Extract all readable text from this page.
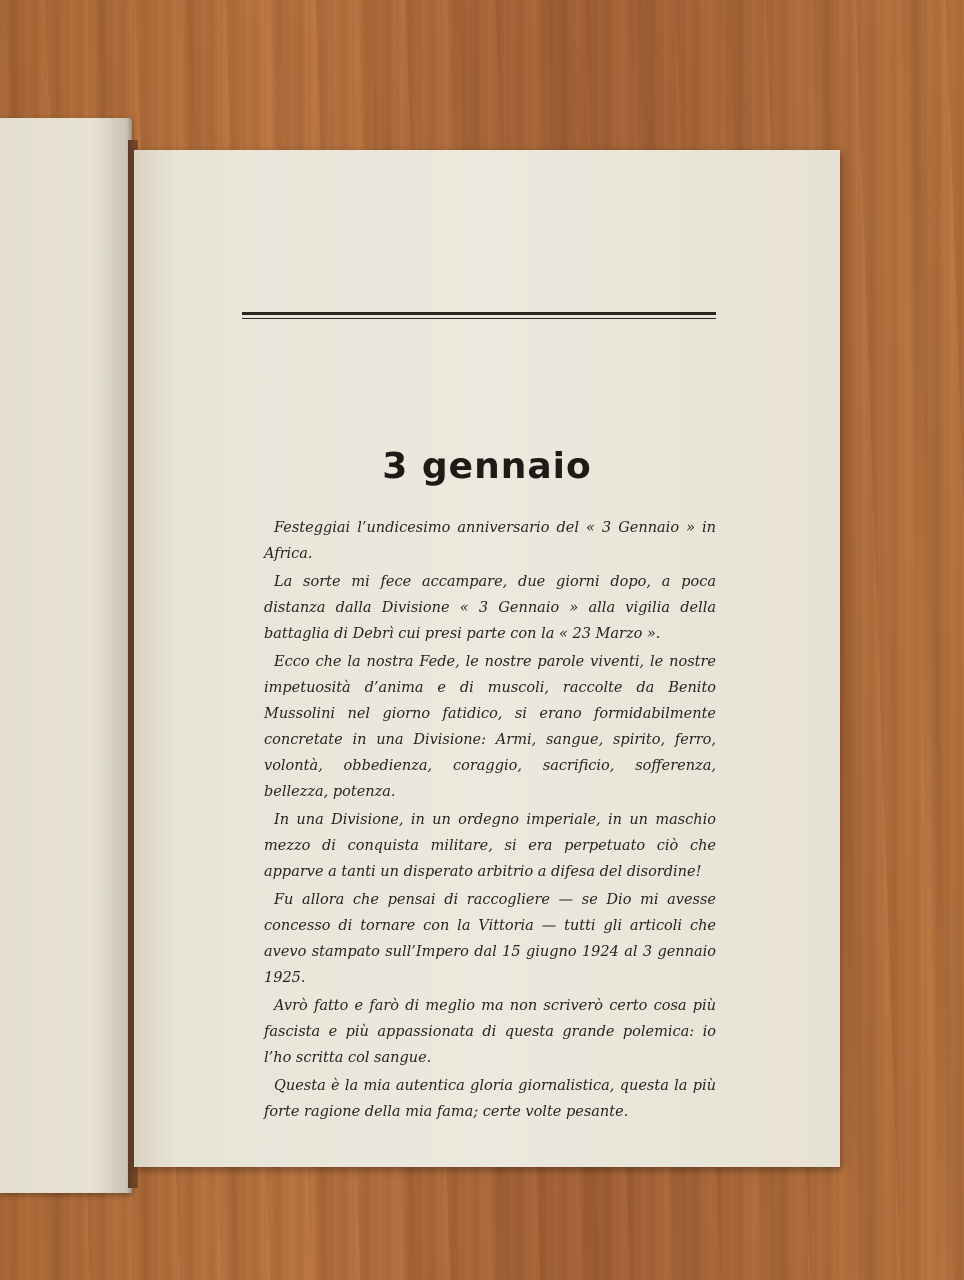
3 gennaio

Festeggiai l’undicesimo anniversario del « 3 Gennaio » in Africa.

La sorte mi fece accampare, due giorni dopo, a poca distanza dalla Divisione « 3 Gennaio » alla vigilia della battaglia di Debrì cui presi parte con la « 23 Marzo ».

Ecco che la nostra Fede, le nostre parole viventi, le nostre impetuosità d’anima e di muscoli, raccolte da Benito Mussolini nel giorno fatidico, si erano formidabilmente concretate in una Divisione: Armi, sangue, spirito, ferro, volontà, obbedienza, coraggio, sacrificio, sofferenza, bellezza, potenza.

In una Divisione, in un ordegno imperiale, in un maschio mezzo di conquista militare, si era perpetuato ciò che apparve a tanti un disperato arbitrio a difesa del disordine!

Fu allora che pensai di raccogliere — se Dio mi avesse concesso di tornare con la Vittoria — tutti gli articoli che avevo stampato sull’Impero dal 15 giugno 1924 al 3 gennaio 1925.

Avrò fatto e farò di meglio ma non scriverò certo cosa più fascista e più appassionata di questa grande polemica: io l’ho scritta col sangue.

Questa è la mia autentica gloria giornalistica, questa la più forte ragione della mia fama; certe volte pesante.
